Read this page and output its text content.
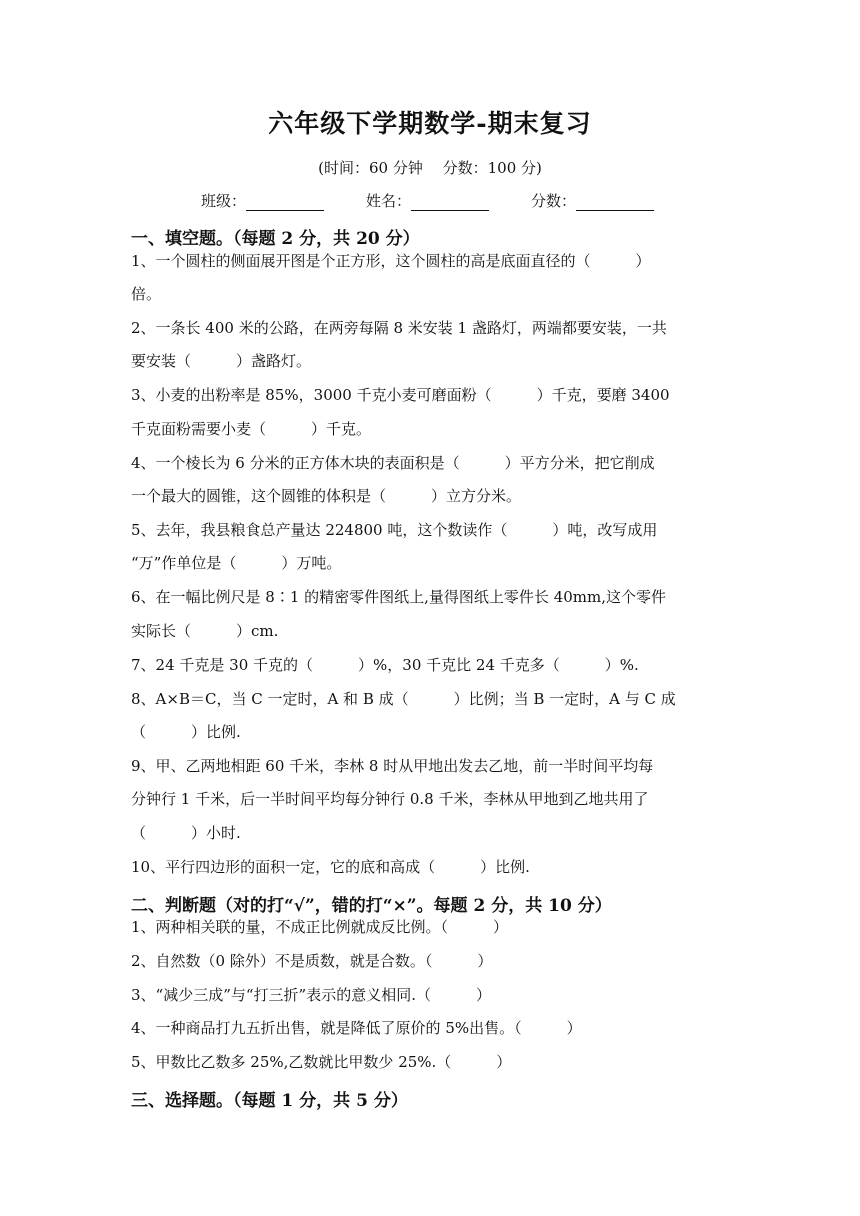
六年级下学期数学-期末复习
(时间：60 分钟　 分数：100 分)
班级：	姓名：	分数：
一、填空题。（每题 2 分，共 20 分）
1、一个圆柱的侧面展开图是个正方形，这个圆柱的高是底面直径的（　　　）
倍。
2、一条长 400 米的公路，在两旁每隔 8 米安装 1 盏路灯，两端都要安装，一共
要安装（　　　）盏路灯。
3、小麦的出粉率是 85%，3000 千克小麦可磨面粉（　　　）千克，要磨 3400
千克面粉需要小麦（　　　）千克。
4、一个棱长为 6 分米的正方体木块的表面积是（　　　）平方分米，把它削成
一个最大的圆锥，这个圆锥的体积是（　　　）立方分米。
5、去年，我县粮食总产量达 224800 吨，这个数读作（　　　）吨，改写成用
“万”作单位是（　　　）万吨。
6、在一幅比例尺是 8∶1 的精密零件图纸上,量得图纸上零件长 40mm,这个零件
实际长（　　　）cm.
7、24 千克是 30 千克的（　　　）%，30 千克比 24 千克多（　　　）%.
8、A×B＝C，当 C 一定时，A 和 B 成（　　　）比例；当 B 一定时，A 与 C 成
（　　　）比例.
9、甲、乙两地相距 60 千米，李林 8 时从甲地出发去乙地，前一半时间平均每
分钟行 1 千米，后一半时间平均每分钟行 0.8 千米，李林从甲地到乙地共用了
（　　　）小时.
10、平行四边形的面积一定，它的底和高成（　　　）比例.
二、判断题（对的打“√”，错的打“×”。每题 2 分，共 10 分）
1、两种相关联的量，不成正比例就成反比例。（　　　）
2、自然数（0 除外）不是质数，就是合数。（　　　）
3、“减少三成”与“打三折”表示的意义相同.（　　　）
4、一种商品打九五折出售，就是降低了原价的 5%出售。（　　　）
5、甲数比乙数多 25%,乙数就比甲数少 25%.（　　　）
三、选择题。（每题 1 分，共 5 分）
